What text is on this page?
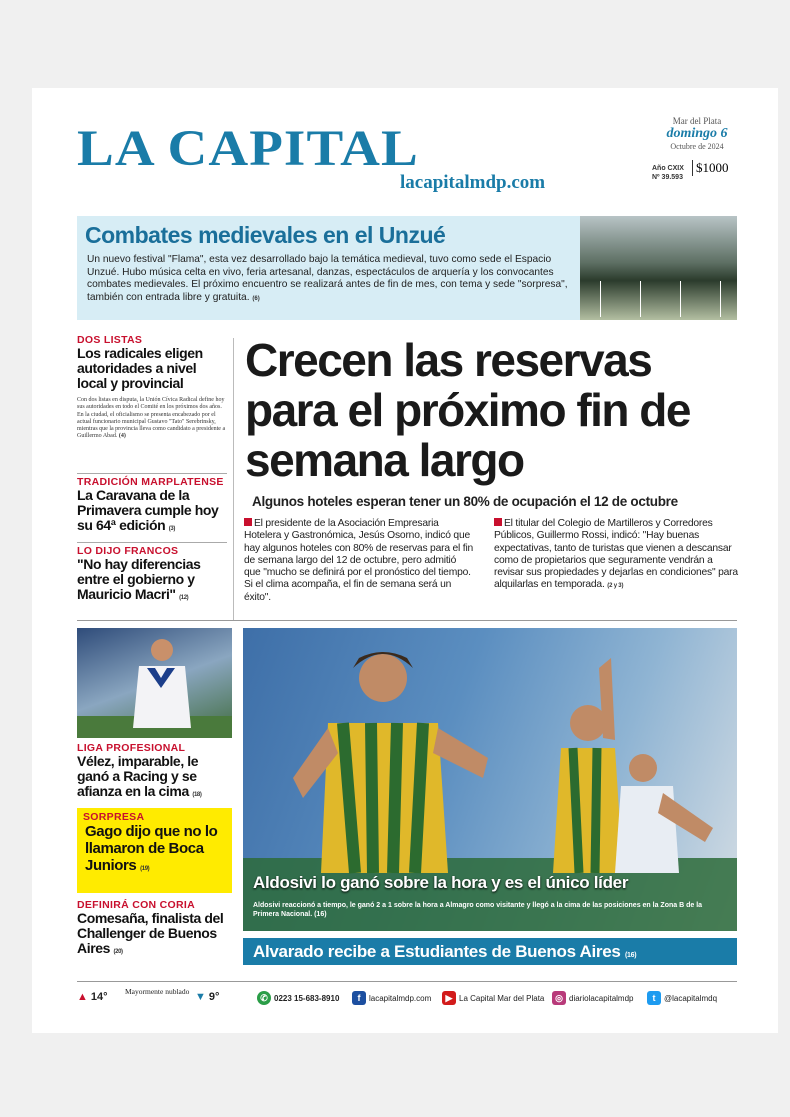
LA CAPITAL
lacapitalmdp.com
Mar del Plata
domingo 6
Octubre de 2024
Año CXIX
Nº 39.593
$1000
Combates medievales en el Unzué

Un nuevo festival "Flama", esta vez desarrollado bajo la temática medieval, tuvo como sede el Espacio Unzué. Hubo música celta en vivo, feria artesanal, danzas, espectáculos de arquería y los convocantes combates medievales. El próximo encuentro se realizará antes de fin de mes, con tema y sede "sorpresa", también con entrada libre y gratuita. (6)

DOS LISTAS
Los radicales eligen autoridades a nivel local y provincial
Con dos listas en disputa, la Unión Cívica Radical define hoy sus autoridades en todo el Comité en los próximos dos años. En la ciudad, el oficialismo se presenta encabezado por el actual funcionario municipal Gustavo "Tato" Serebrinsky, mientras que la provincia lleva como candidato a presidente a Guillermo Abad. (4)
TRADICIÓN MARPLATENSE
La Caravana de la Primavera cumple hoy su 64ª edición (3)
LO DIJO FRANCOS
"No hay diferencias entre el gobierno y Mauricio Macri" (12)
Crecen las reservas para el próximo fin de semana largo
Algunos hoteles esperan tener un 80% de ocupación el 12 de octubre
El presidente de la Asociación Empresaria Hotelera y Gastronómica, Jesús Osorno, indicó que hay algunos hoteles con 80% de reservas para el fin de semana largo del 12 de octubre, pero admitió que "mucho se definirá por el pronóstico del tiempo. Si el clima acompaña, el fin de semana será un éxito".
El titular del Colegio de Martilleros y Corredores Públicos, Guillermo Rossi, indicó: "Hay buenas expectativas, tanto de turistas que vienen a descansar como de propietarios que seguramente vendrán a revisar sus propiedades y dejarlas en condiciones" para alquilarlas en temporada. (2 y 3)
LIGA PROFESIONAL
Vélez, imparable, le ganó a Racing y se afianza en la cima (18)
SORPRESA
Gago dijo que no lo llamaron de Boca Juniors (19)
DEFINIRÁ CON CORIA
Comesaña, finalista del Challenger de Buenos Aires (20)
Aldosivi lo ganó sobre la hora y es el único líder
Aldosivi reaccionó a tiempo, le ganó 2 a 1 sobre la hora a Almagro como visitante y llegó a la cima de las posiciones en la Zona B de la Primera Nacional. (16)
Alvarado recibe a Estudiantes de Buenos Aires (16)
▲ 14° Mayormente nublado ▼ 9°	✆ 0223 15-683-8910	f	lacapitalmdp.com	▶ La Capital Mar del Plata	◎ diariolacapitalmdp	t	@lacapitalmdq
